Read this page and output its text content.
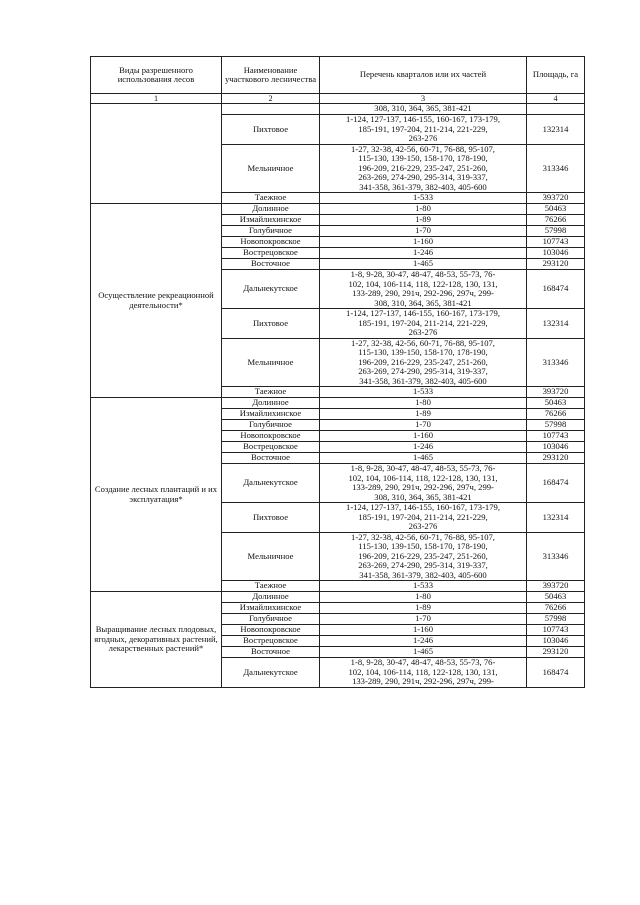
Виды разрешенного использования лесов	Наименование участкового лесничества	Перечень кварталов или их частей	Площадь, га
1	2	3	4
		308, 310, 364, 365, 381-421	
	Пихтовое	1-124, 127-137, 146-155, 160-167, 173-179,
185-191, 197-204, 211-214, 221-229,
263-276	132314
	Мельничное	1-27, 32-38, 42-56, 60-71, 76-88, 95-107,
115-130, 139-150, 158-170, 178-190,
196-209, 216-229, 235-247, 251-260,
263-269, 274-290, 295-314, 319-337,
341-358, 361-379, 382-403, 405-600	313346
	Таежное	1-533	393720
Осуществление рекреационной деятельности*	Долинное	1-80	50463
	Измайлихинское	1-89	76266
	Голубичное	1-70	57998
	Новопокровское	1-160	107743
	Вострецовское	1-246	103046
	Восточное	1-465	293120
	Дальнекутское	1-8, 9-28, 30-47, 48-47, 48-53, 55-73, 76-
102, 104, 106-114, 118, 122-128, 130, 131,
133-289, 290, 291ч, 292-296, 297ч, 299-
308, 310, 364, 365, 381-421	168474
	Пихтовое	1-124, 127-137, 146-155, 160-167, 173-179,
185-191, 197-204, 211-214, 221-229,
263-276	132314
	Мельничное	1-27, 32-38, 42-56, 60-71, 76-88, 95-107,
115-130, 139-150, 158-170, 178-190,
196-209, 216-229, 235-247, 251-260,
263-269, 274-290, 295-314, 319-337,
341-358, 361-379, 382-403, 405-600	313346
	Таежное	1-533	393720
Создание лесных плантаций и их эксплуатация*	Долинное	1-80	50463
	Измайлихинское	1-89	76266
	Голубичное	1-70	57998
	Новопокровское	1-160	107743
	Вострецовское	1-246	103046
	Восточное	1-465	293120
	Дальнекутское	1-8, 9-28, 30-47, 48-47, 48-53, 55-73, 76-
102, 104, 106-114, 118, 122-128, 130, 131,
133-289, 290, 291ч, 292-296, 297ч, 299-
308, 310, 364, 365, 381-421	168474
	Пихтовое	1-124, 127-137, 146-155, 160-167, 173-179,
185-191, 197-204, 211-214, 221-229,
263-276	132314
	Мельничное	1-27, 32-38, 42-56, 60-71, 76-88, 95-107,
115-130, 139-150, 158-170, 178-190,
196-209, 216-229, 235-247, 251-260,
263-269, 274-290, 295-314, 319-337,
341-358, 361-379, 382-403, 405-600	313346
	Таежное	1-533	393720
Выращивание лесных плодовых, ягодных, декоративных растений, лекарственных растений*	Долинное	1-80	50463
	Измайлихинское	1-89	76266
	Голубичное	1-70	57998
	Новопокровское	1-160	107743
	Вострецовское	1-246	103046
	Восточное	1-465	293120
	Дальнекутское	1-8, 9-28, 30-47, 48-47, 48-53, 55-73, 76-
102, 104, 106-114, 118, 122-128, 130, 131,
133-289, 290, 291ч, 292-296, 297ч, 299-	168474
